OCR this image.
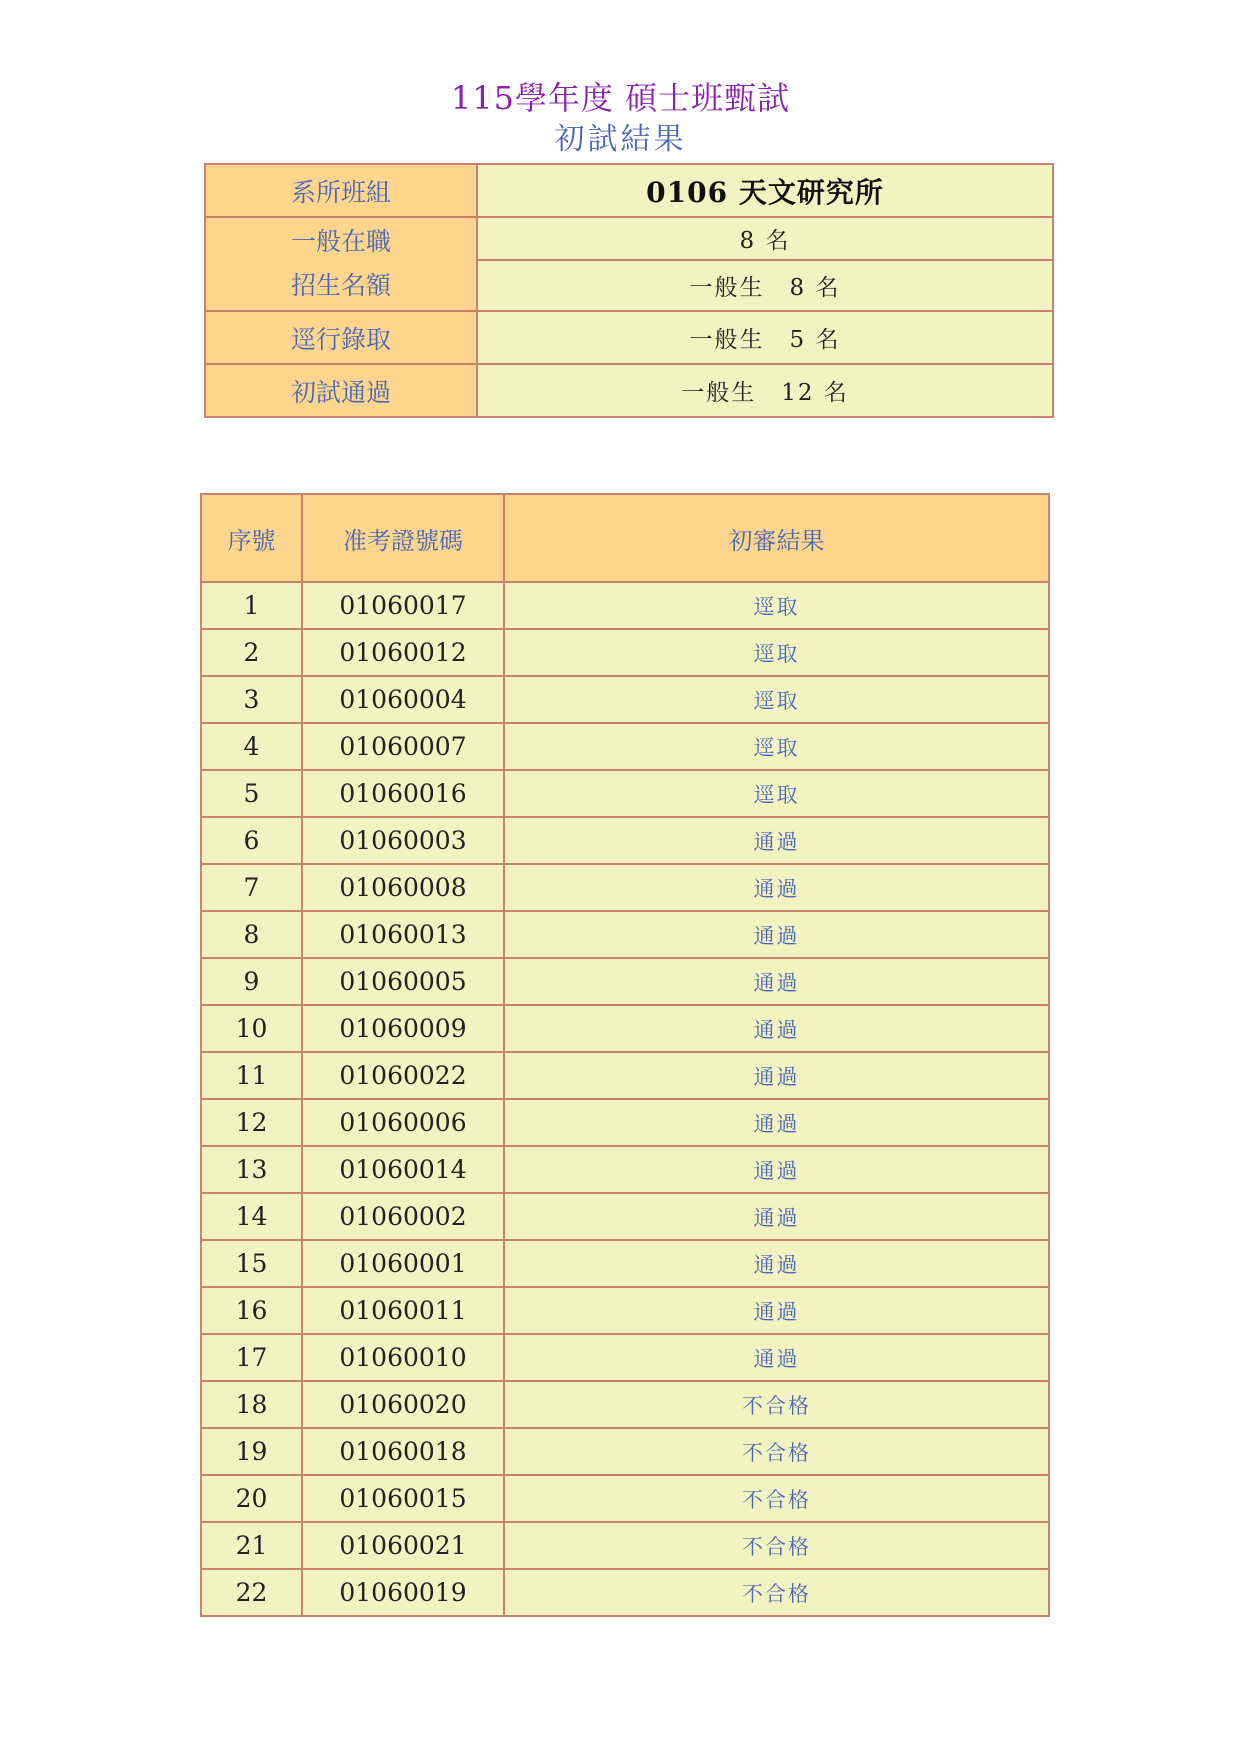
115學年度 碩士班甄試
初試結果
系所班組	0106 天文研究所

一般在職
招生名額	8 名
	一般生　8 名
逕行錄取	一般生　5 名
初試通過	一般生　12 名
序號	准考證號碼	初審結果
1	01060017	逕取
2	01060012	逕取
3	01060004	逕取
4	01060007	逕取
5	01060016	逕取
6	01060003	通過
7	01060008	通過
8	01060013	通過
9	01060005	通過
10	01060009	通過
11	01060022	通過
12	01060006	通過
13	01060014	通過
14	01060002	通過
15	01060001	通過
16	01060011	通過
17	01060010	通過
18	01060020	不合格
19	01060018	不合格
20	01060015	不合格
21	01060021	不合格
22	01060019	不合格
